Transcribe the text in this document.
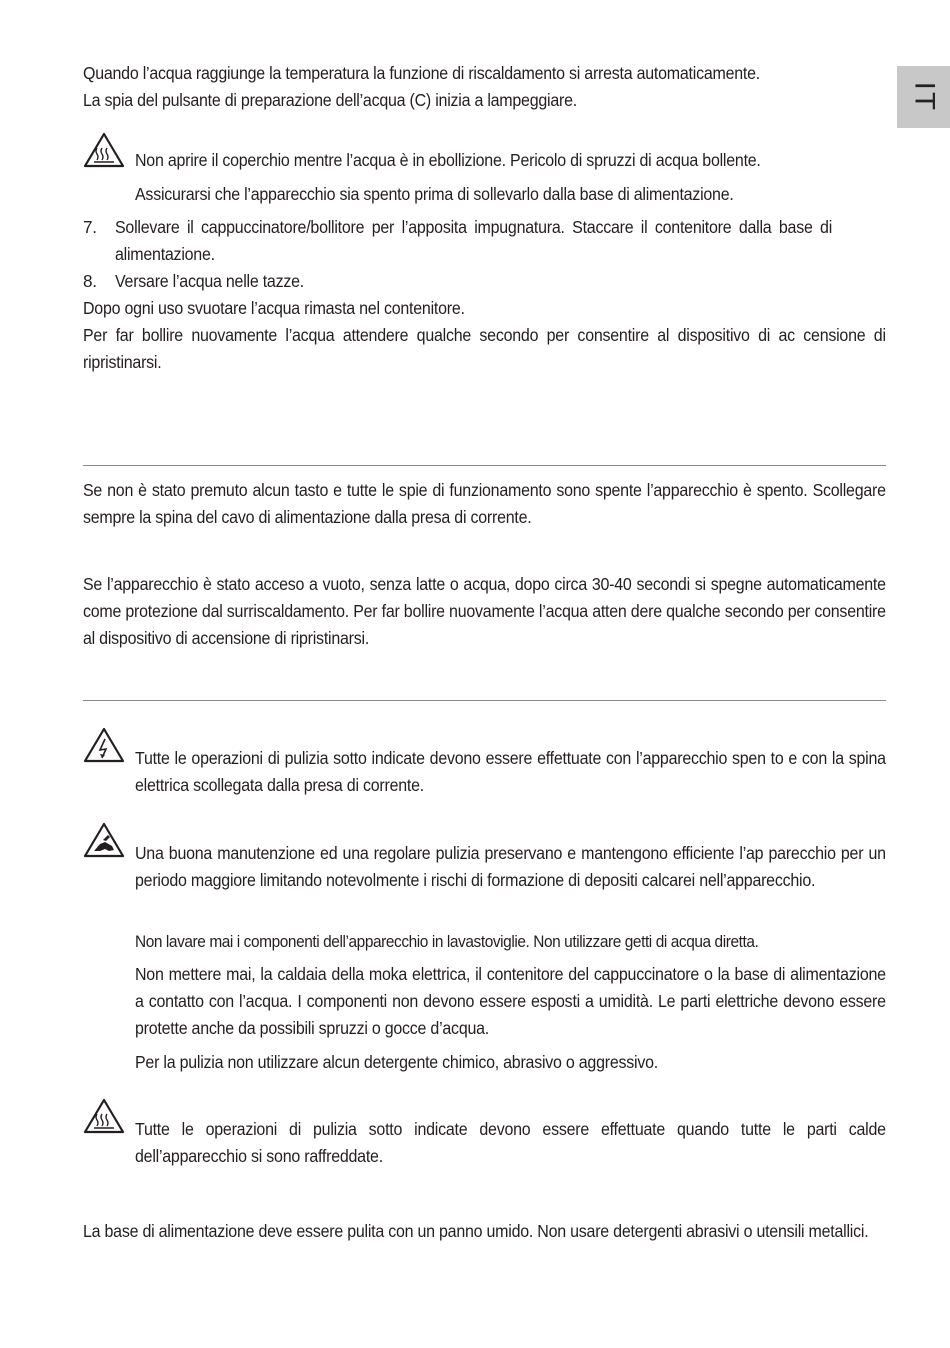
IT

Quando l’acqua raggiunge la temperatura la funzione di riscaldamento si arresta automaticamente.

La spia del pulsante di preparazione dell’acqua (C) inizia a lampeggiare.

Non aprire il coperchio mentre l’acqua è in ebollizione. Pericolo di spruzzi di acqua bollente.

Assicurarsi che l’apparecchio sia spento prima di sollevarlo dalla base di alimentazione.

7.	Sollevare il cappuccinatore/bollitore per l’apposita impugnatura. Staccare il contenitore dalla base di alimentazione.

8.	Versare l’acqua nelle tazze.

Dopo ogni uso svuotare l’acqua rimasta nel contenitore.

Per far bollire nuovamente l’acqua attendere qualche secondo per consentire al dispositivo di ac censione di ripristinarsi.

Se non è stato premuto alcun tasto e tutte le spie di funzionamento sono spente l’apparecchio è spento. Scollegare sempre la spina del cavo di alimentazione dalla presa di corrente.

Se l’apparecchio è stato acceso a vuoto, senza latte o acqua, dopo circa 30-40 secondi si spegne automaticamente come protezione dal surriscaldamento. Per far bollire nuovamente l’acqua atten dere qualche secondo per consentire al dispositivo di accensione di ripristinarsi.

Tutte le operazioni di pulizia sotto indicate devono essere effettuate con l’apparecchio spen to e con la spina elettrica scollegata dalla presa di corrente.

Una buona manutenzione ed una regolare pulizia preservano e mantengono efficiente l’ap parecchio per un periodo maggiore limitando notevolmente i rischi di formazione di depositi calcarei nell’apparecchio.

Non lavare mai i componenti dell’apparecchio in lavastoviglie. Non utilizzare getti di acqua diretta.

Non mettere mai, la caldaia della moka elettrica, il contenitore del cappuccinatore o la base di alimentazione a contatto con l’acqua. I componenti non devono essere esposti a umidità. Le parti elettriche devono essere protette anche da possibili spruzzi o gocce d’acqua.

Per la pulizia non utilizzare alcun detergente chimico, abrasivo o aggressivo.

Tutte le operazioni di pulizia sotto indicate devono essere effettuate quando tutte le parti calde dell’apparecchio si sono raffreddate.

La base di alimentazione deve essere pulita con un panno umido. Non usare detergenti abrasivi o utensili metallici.
